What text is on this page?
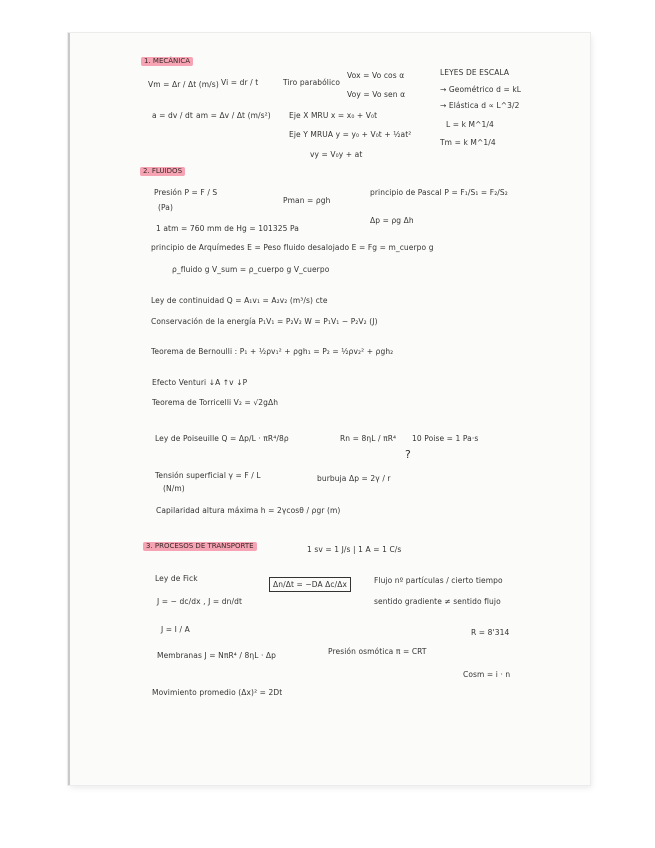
1. MECÁNICA
Vm = Δr / Δt (m/s) Vi = dr / t
a = dv / dt am = Δv / Δt (m/s²)
Tiro parabólico
Vox = Vo cos α
Voy = Vo sen α
Eje X MRU x = x₀ + V₀t
Eje Y MRUA y = y₀ + V₀t + ½at²
vy = V₀y + at
LEYES DE ESCALA
→ Geométrico d = kL
→ Elástica d ∝ L^3/2
L = k M^1/4
Tm = k M^1/4
2. FLUIDOS
Presión P = F / S
(Pa)
Pman = ρgh
principio de Pascal P = F₁/S₁ = F₂/S₂
Δp = ρg Δh
1 atm = 760 mm de Hg = 101325 Pa
principio de Arquímedes E = Peso fluido desalojado E = Fg = m_cuerpo g
ρ_fluido g V_sum = ρ_cuerpo g V_cuerpo
Ley de continuidad Q = A₁v₁ = A₂v₂ (m³/s) cte
Conservación de la energía P₁V₁ = P₂V₂ W = P₁V₁ − P₂V₂ (J)
Teorema de Bernoulli : P₁ + ½ρv₁² + ρgh₁ = P₂ = ½ρv₂² + ρgh₂
Efecto Venturi ↓A ↑v ↓P
Teorema de Torricelli V₂ = √2gΔh
Ley de Poiseuille Q = Δp/L · πR⁴/8ρ	Rn = 8ηL / πR⁴ 10 Poise = 1 Pa·s
?
Tensión superficial γ = F / L
(N/m)
burbuja Δp = 2γ / r
Capilaridad altura máxima h = 2γcosθ / ρgr (m)
3. PROCESOS DE TRANSPORTE	1 sv = 1 J/s | 1 A = 1 C/s
Ley de Fick
Δn/Δt = −DA Δc/Δx	Flujo nº partículas / cierto tiempo
sentido gradiente ≠ sentido flujo
J = − dc/dx , J = dn/dt
J = I / A	R = 8'314
Membranas J = NπR⁴ / 8ηL · Δp	Presión osmótica π = CRT
Cosm = i · n
Movimiento promedio (Δx)² = 2Dt
